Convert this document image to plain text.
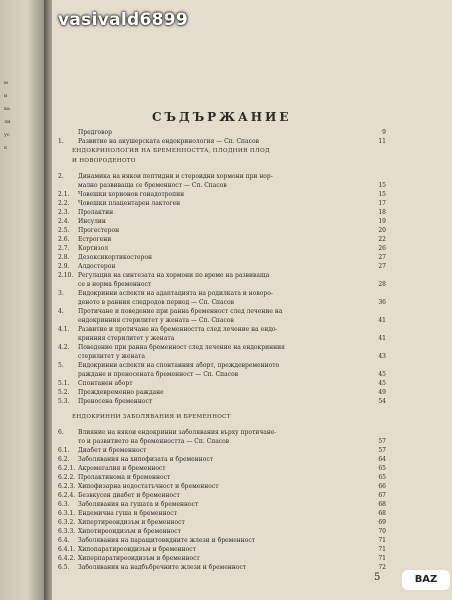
ю
и
ва
ли
ус
к
vasivald6899
СЪДЪРЖАНИЕ
Предговор	9
1.	Развитие на акушерската ендокринология — Сп. Спасов	11
ЕНДОКРИНОЛОГИЯ НА БРЕМЕННОСТТА, ПЛОДНИЯ ПЛОД
И НОВОРОДЕНОТО
2.	Динамика на някои пептидни и стероидни хормони при нор-
мално развиваща се бременност — Сп. Спасов	15
2.1.	Човешки хорионов гонадотропин	15
2.2.	Човешки плацентарен лактоген	17
2.3.	Пролактин	18
2.4.	Инсулин	19
2.5.	Прогестерон	20
2.6.	Естрогени	22
2.7.	Кортизол	26
2.8.	Дезоксикортикостерон	27
2.9.	Алдостерон	27
2.10. Регулация на синтезата на хормони по време на развиваща
се в норма бременност	28
3.	Ендокринни аспекти на адаптацията на родилката и новоро-
деното в ранния следродов период — Сп. Спасов	36
4.	Протичане и поведение при ранна бременност след лечение на
ендокринния стерилитет у жената — Сп. Спасов	41
4.1.	Развитие и протичане на бременността след лечение на ендо-
кринния стерилитет у жената	41
4.2.	Поведение при ранна бременност след лечение на ендокринния
стерилитет у жената	43
5.	Ендокринни аспекти на спонтанния аборт, преждевременното
раждане и преносената бременност — Сп. Спасов	45
5.1.	Спонтанен аборт	45
5.2.	Преждевременно раждане	49
5.3.	Преносена бременност	54
ЕНДОКРИННИ ЗАБОЛЯВАНИЯ И БРЕМЕННОСТ
6.	Влияние на някои ендокринни заболявания върху протичане-
то и развитието на бременността — Сп. Спасов	57
6.1.	Диабет и бременност	57
6.2.	Заболявания на хипофизата и бременност	64
6.2.1. Акромегалия и бременност	65
6.2.2. Пролактинома и бременност	65
6.2.3. Хипофизарна недостатъчност и бременност	66
6.2.4. Безвкусен диабет и бременност	67
6.3.	Заболявания на гушата и бременност	68
6.3.1. Ендемична гуша и бременност	68
6.3.2. Хипертиреоидизъм и бременност	69
6.3.3. Хипотиреоидизъм и бременност	70
6.4.	Заболявания на паращитовидните жлези и бременност	71
6.4.1. Хипопаратиреоидизъм и бременност	71
6.4.2. Хиперпаратиреоидизъм и бременност	71
6.5.	Заболявания на надбъбречните жлези и бременност	72
5	BAZ
